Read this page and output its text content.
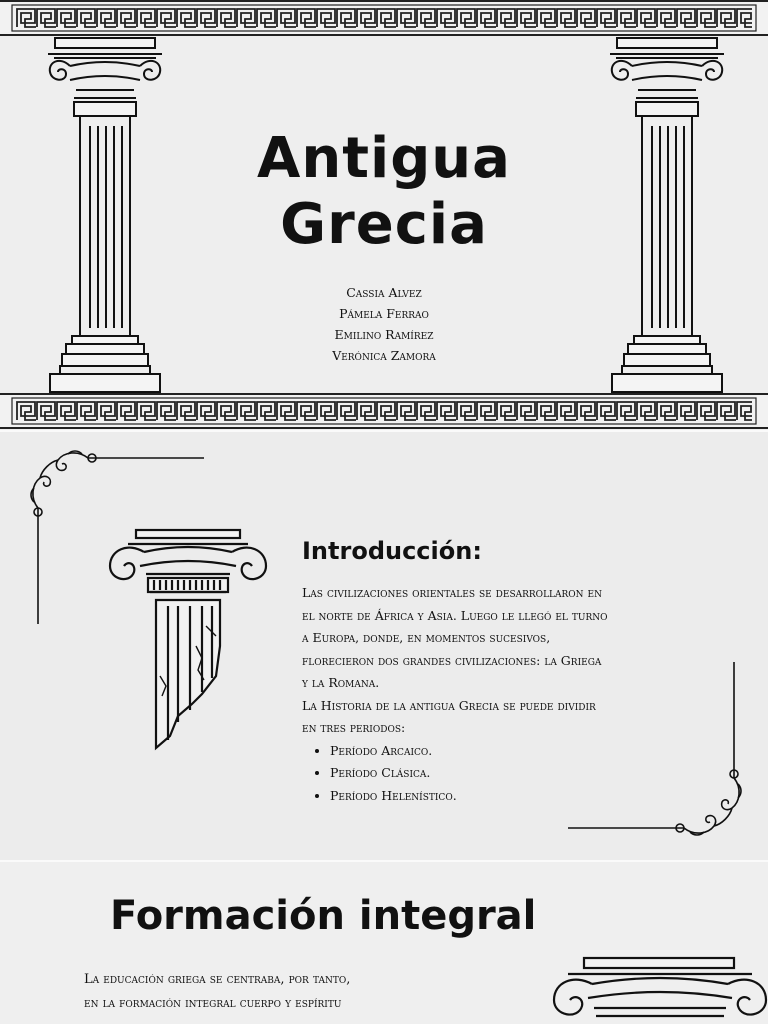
Antigua
Grecia
Cassia Alvez
Pámela Ferrao
Emilino Ramírez
Verónica Zamora
Introducción:

Las civilizaciones orientales se desarrollaron en

el norte de África y Asia. Luego le llegó el turno

a Europa, donde, en momentos sucesivos,

florecieron dos grandes civilizaciones: la Griega

y la Romana.

La Historia de la antigua Grecia se puede dividir

en tres periodos:

• Período Arcaico.
• Período Clásica.
• Período Helenístico.
Formación integral

La educación griega se centraba, por tanto,

en la formación integral cuerpo y espíritu
